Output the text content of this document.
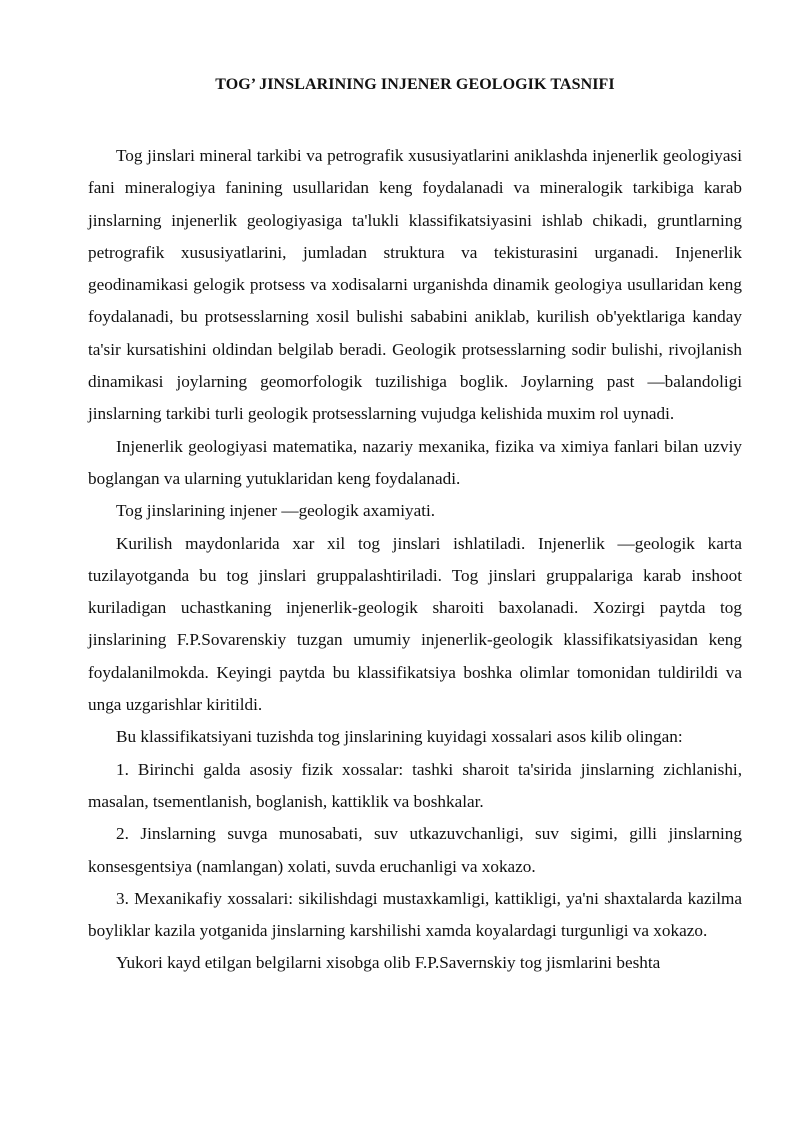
TOG’ JINSLARINING INJENER GEOLOGIK TASNIFI

Tog jinslari mineral tarkibi va petrografik xususiyatlarini aniklashda injenerlik geologiyasi fani mineralogiya fanining usullaridan keng foydalanadi va mineralogik tarkibiga karab jinslarning injenerlik geologiyasiga ta'lukli klassifikatsiyasini ishlab chikadi, gruntlarning petrografik xususiyatlarini, jumladan struktura va tekisturasini urganadi. Injenerlik geodinamikasi gelogik protsess va xodisalarni urganishda dinamik geologiya usullaridan keng foydalanadi, bu protsesslarning xosil bulishi sababini aniklab, kurilish ob'yektlariga kanday ta'sir kursatishini oldindan belgilab beradi. Geologik protsesslarning sodir bulishi, rivojlanish dinamikasi joylarning geomorfologik tuzilishiga boglik. Joylarning past —balandoligi jinslarning tarkibi turli geologik protsesslarning vujudga kelishida muxim rol uynadi.

Injenerlik geologiyasi matematika, nazariy mexanika, fizika va ximiya fanlari bilan uzviy boglangan va ularning yutuklaridan keng foydalanadi.

Tog jinslarining injener —geologik axamiyati.

Kurilish maydonlarida xar xil tog jinslari ishlatiladi. Injenerlik —geologik karta tuzilayotganda bu tog jinslari gruppalashtiriladi. Tog jinslari gruppalariga karab inshoot kuriladigan uchastkaning injenerlik-geologik sharoiti baxolanadi. Xozirgi paytda tog jinslarining F.P.Sovarenskiy tuzgan umumiy injenerlik-geologik klassifikatsiyasidan keng foydalanilmokda. Keyingi paytda bu klassifikatsiya boshka olimlar tomonidan tuldirildi va unga uzgarishlar kiritildi.

Bu klassifikatsiyani tuzishda tog jinslarining kuyidagi xossalari asos kilib olingan:

1. Birinchi galda asosiy fizik xossalar: tashki sharoit ta'sirida jinslarning zichlanishi, masalan, tsementlanish, boglanish, kattiklik va boshkalar.

2. Jinslarning suvga munosabati, suv utkazuvchanligi, suv sigimi, gilli jinslarning konsesgentsiya (namlangan) xolati, suvda eruchanligi va xokazo.

3. Mexanikafiy xossalari: sikilishdagi mustaxkamligi, kattikligi, ya'ni shaxtalarda kazilma boyliklar kazila yotganida jinslarning karshilishi xamda koyalardagi turgunligi va xokazo.

Yukori kayd etilgan belgilarni xisobga olib F.P.Savernskiy tog jismlarini beshta
